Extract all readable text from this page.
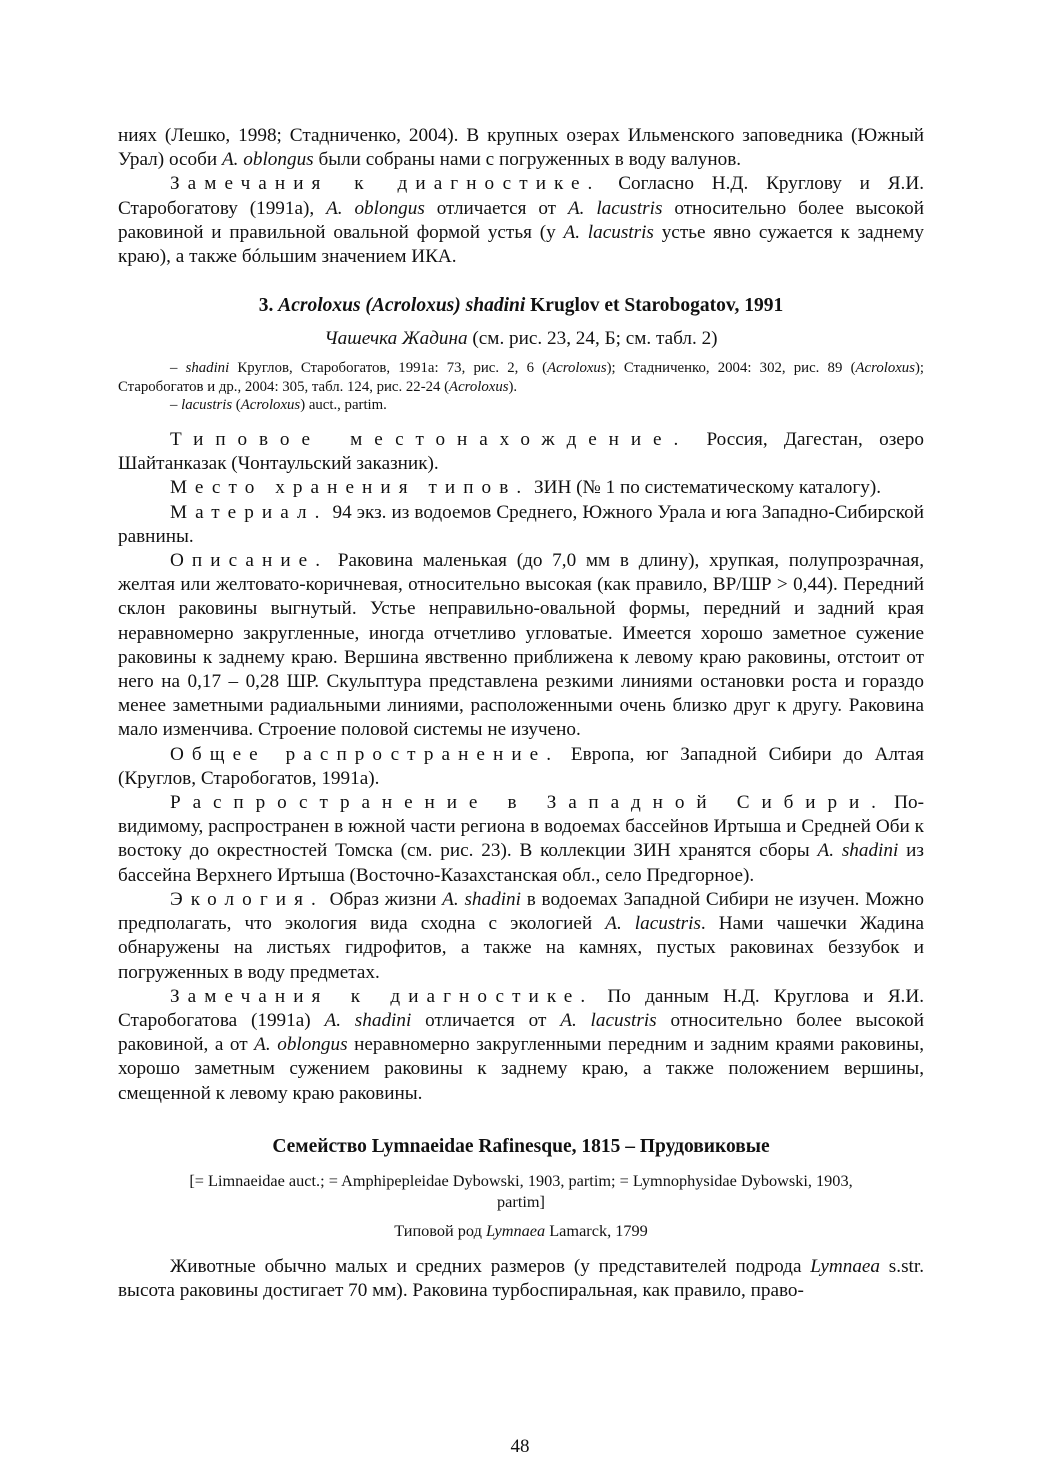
ниях (Лешко, 1998; Стадниченко, 2004). В крупных озерах Ильменского заповедника (Южный Урал) особи A. oblongus были собраны нами с погруженных в воду валунов.

Замечания к диагностике. Согласно Н.Д. Круглову и Я.И. Старобогатову (1991а), A. oblongus отличается от A. lacustris относительно более высокой раковиной и правильной овальной формой устья (у A. lacustris устье явно сужается к заднему краю), а также бóльшим значением ИКА.

3. Acroloxus (Acroloxus) shadini Kruglov et Starobogatov, 1991

Чашечка Жадина (см. рис. 23, 24, Б; см. табл. 2)

– shadini Круглов, Старобогатов, 1991а: 73, рис. 2, 6 (Acroloxus); Стадниченко, 2004: 302, рис. 89 (Acroloxus); Старобогатов и др., 2004: 305, табл. 124, рис. 22-24 (Acroloxus).

– lacustris (Acroloxus) auct., partim.

Типовое местонахождение. Россия, Дагестан, озеро Шайтанказак (Чонтаульский заказник).

Место хранения типов. ЗИН (№ 1 по систематическому каталогу).

Материал. 94 экз. из водоемов Среднего, Южного Урала и юга Западно-Сибирской равнины.

Описание. Раковина маленькая (до 7,0 мм в длину), хрупкая, полупрозрачная, желтая или желтовато-коричневая, относительно высокая (как правило, ВР/ШР > 0,44). Передний склон раковины выгнутый. Устье неправильно-овальной формы, передний и задний края неравномерно закругленные, иногда отчетливо угловатые. Имеется хорошо заметное сужение раковины к заднему краю. Вершина явственно приближена к левому краю раковины, отстоит от него на 0,17 – 0,28 ШР. Скульптура представлена резкими линиями остановки роста и гораздо менее заметными радиальными линиями, расположенными очень близко друг к другу. Раковина мало изменчива. Строение половой системы не изучено.

Общее распространение. Европа, юг Западной Сибири до Алтая (Круглов, Старобогатов, 1991а).

Распространение в Западной Сибири. По-видимому, распространен в южной части региона в водоемах бассейнов Иртыша и Средней Оби к востоку до окрестностей Томска (см. рис. 23). В коллекции ЗИН хранятся сборы A. shadini из бассейна Верхнего Иртыша (Восточно-Казахстанская обл., село Предгорное).

Экология. Образ жизни A. shadini в водоемах Западной Сибири не изучен. Можно предполагать, что экология вида сходна с экологией A. lacustris. Нами чашечки Жадина обнаружены на листьях гидрофитов, а также на камнях, пустых раковинах беззубок и погруженных в воду предметах.

Замечания к диагностике. По данным Н.Д. Круглова и Я.И. Старобогатова (1991а) A. shadini отличается от A. lacustris относительно более высокой раковиной, а от A. oblongus неравномерно закругленными передним и задним краями раковины, хорошо заметным сужением раковины к заднему краю, а также положением вершины, смещенной к левому краю раковины.

Семейство Lymnaeidae Rafinesque, 1815 – Прудовиковые

[= Limnaeidae auct.; = Amphipepleidae Dybowski, 1903, partim; = Lymnophysidae Dybowski, 1903, partim]

Типовой род Lymnaea Lamarck, 1799

Животные обычно малых и средних размеров (у представителей подрода Lymnaea s.str. высота раковины достигает 70 мм). Раковина турбоспиральная, как правило, право-

48
